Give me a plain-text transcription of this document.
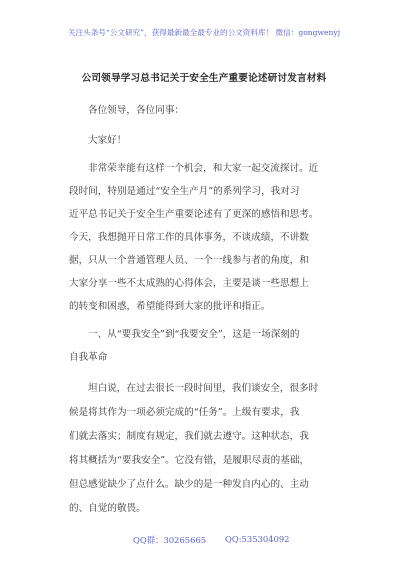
关注头条号“公文研究”，获得最新最全最专业的公文资料库！ 微信：gongwenyj
公司领导学习总书记关于安全生产重要论述研讨发言材料
各位领导，各位同事：
大家好！
非常荣幸能有这样一个机会，和大家一起交流探讨。近
段时间，特别是通过“安全生产月”的系列学习，我对习
近平总书记关于安全生产重要论述有了更深的感悟和思考。
今天，我想抛开日常工作的具体事务，不谈成绩，不讲数
据，只从一个普通管理人员、一个一线参与者的角度，和
大家分享一些不太成熟的心得体会，主要是谈一些思想上
的转变和困惑，希望能得到大家的批评和指正。
一、从“要我安全”到“我要安全”，这是一场深刻的
自我革命
坦白说，在过去很长一段时间里，我们谈安全，很多时
候是将其作为一项必须完成的“任务”。上级有要求，我
们就去落实；制度有规定，我们就去遵守。这种状态，我
将其概括为“要我安全”。它没有错，是履职尽责的基础，
但总感觉缺少了点什么。缺少的是一种发自内心的、主动
的、自觉的敬畏。
QQ群：30265665 QQ:535304092
